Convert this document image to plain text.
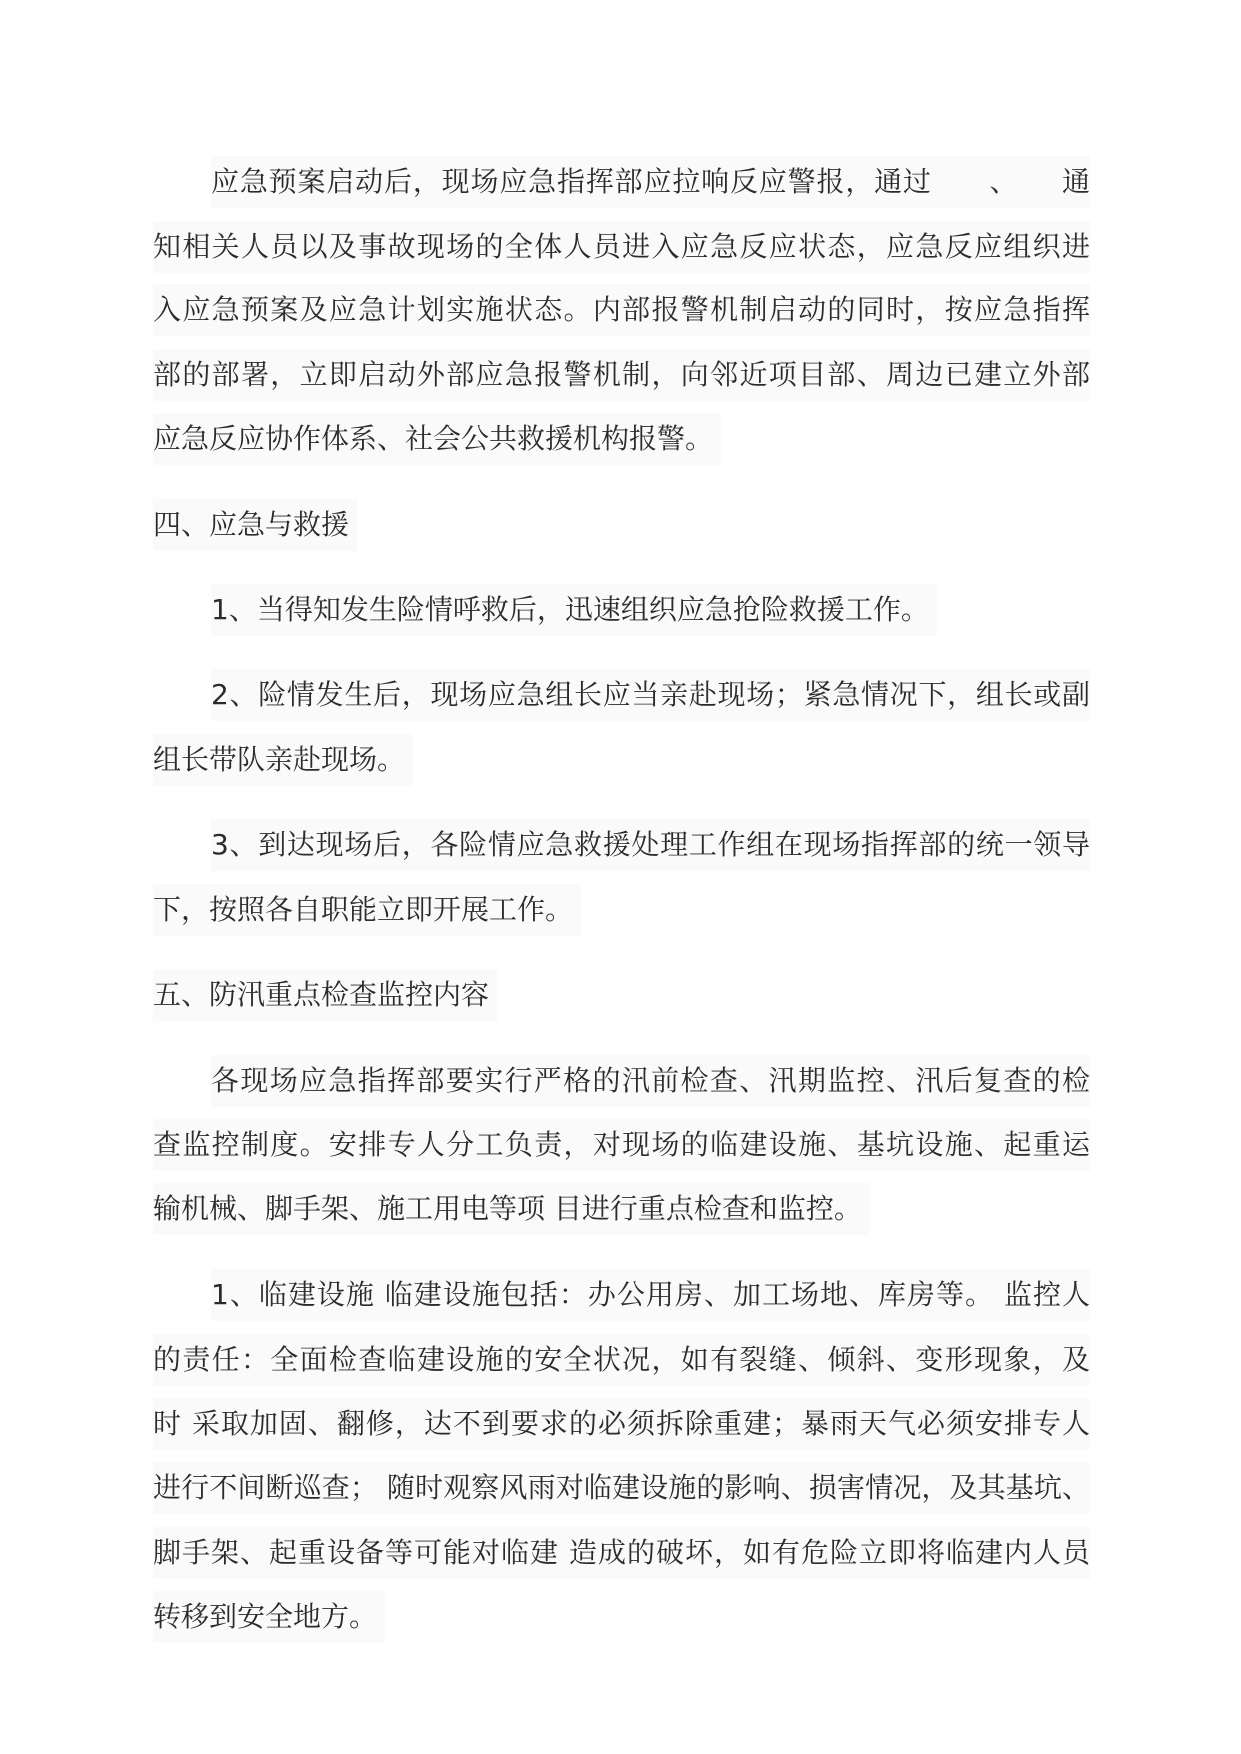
应急预案启动后，现场应急指挥部应拉响反应警报，通过　　、　　通
知相关人员以及事故现场的全体人员进入应急反应状态，应急反应组织进
入应急预案及应急计划实施状态。内部报警机制启动的同时，按应急指挥
部的部署，立即启动外部应急报警机制，向邻近项目部、周边已建立外部
应急反应协作体系、社会公共救援机构报警。
四、应急与救援
1、当得知发生险情呼救后，迅速组织应急抢险救援工作。
2、险情发生后，现场应急组长应当亲赴现场；紧急情况下，组长或副
组长带队亲赴现场。
3、到达现场后，各险情应急救援处理工作组在现场指挥部的统一领导
下，按照各自职能立即开展工作。
五、防汛重点检查监控内容
各现场应急指挥部要实行严格的汛前检查、汛期监控、汛后复查的检
查监控制度。安排专人分工负责，对现场的临建设施、基坑设施、起重运
输机械、脚手架、施工用电等项 目进行重点检查和监控。
1、临建设施 临建设施包括：办公用房、加工场地、库房等。 监控人
的责任：全面检查临建设施的安全状况，如有裂缝、倾斜、变形现象，及
时 采取加固、翻修，达不到要求的必须拆除重建；暴雨天气必须安排专人
进行不间断巡查； 随时观察风雨对临建设施的影响、损害情况，及其基坑、
脚手架、起重设备等可能对临建 造成的破坏，如有危险立即将临建内人员
转移到安全地方。
